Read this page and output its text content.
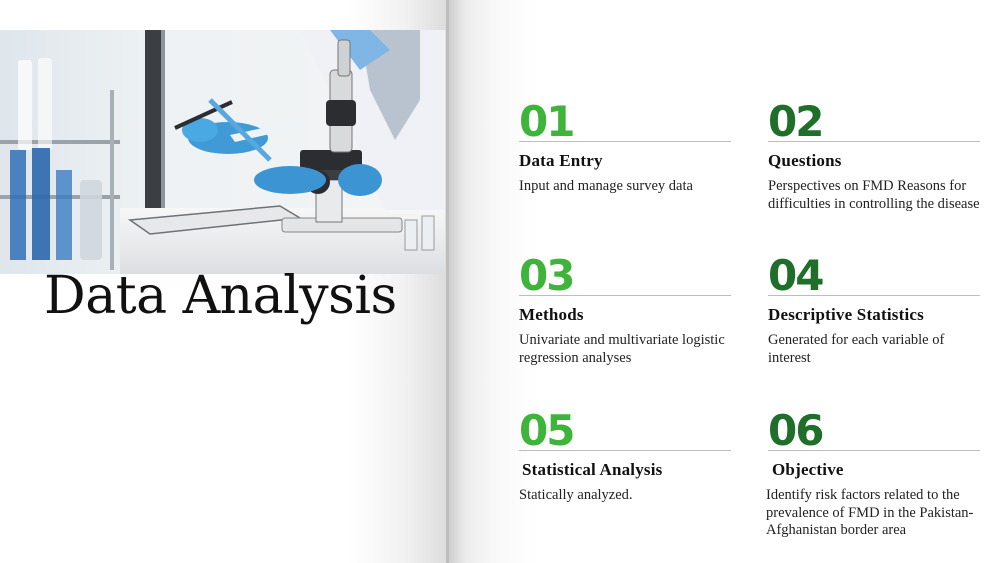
Data Analysis
01
Data Entry
Input and manage survey data
02
Questions
Perspectives on FMD Reasons for difficulties in controlling the disease
03
Methods
Univariate and multivariate logistic regression analyses
04
Descriptive Statistics
Generated for each variable of interest
05
Statistical Analysis
Statically analyzed.
06
Objective
Identify risk factors related to the prevalence of FMD in the Pakistan-Afghanistan border area
